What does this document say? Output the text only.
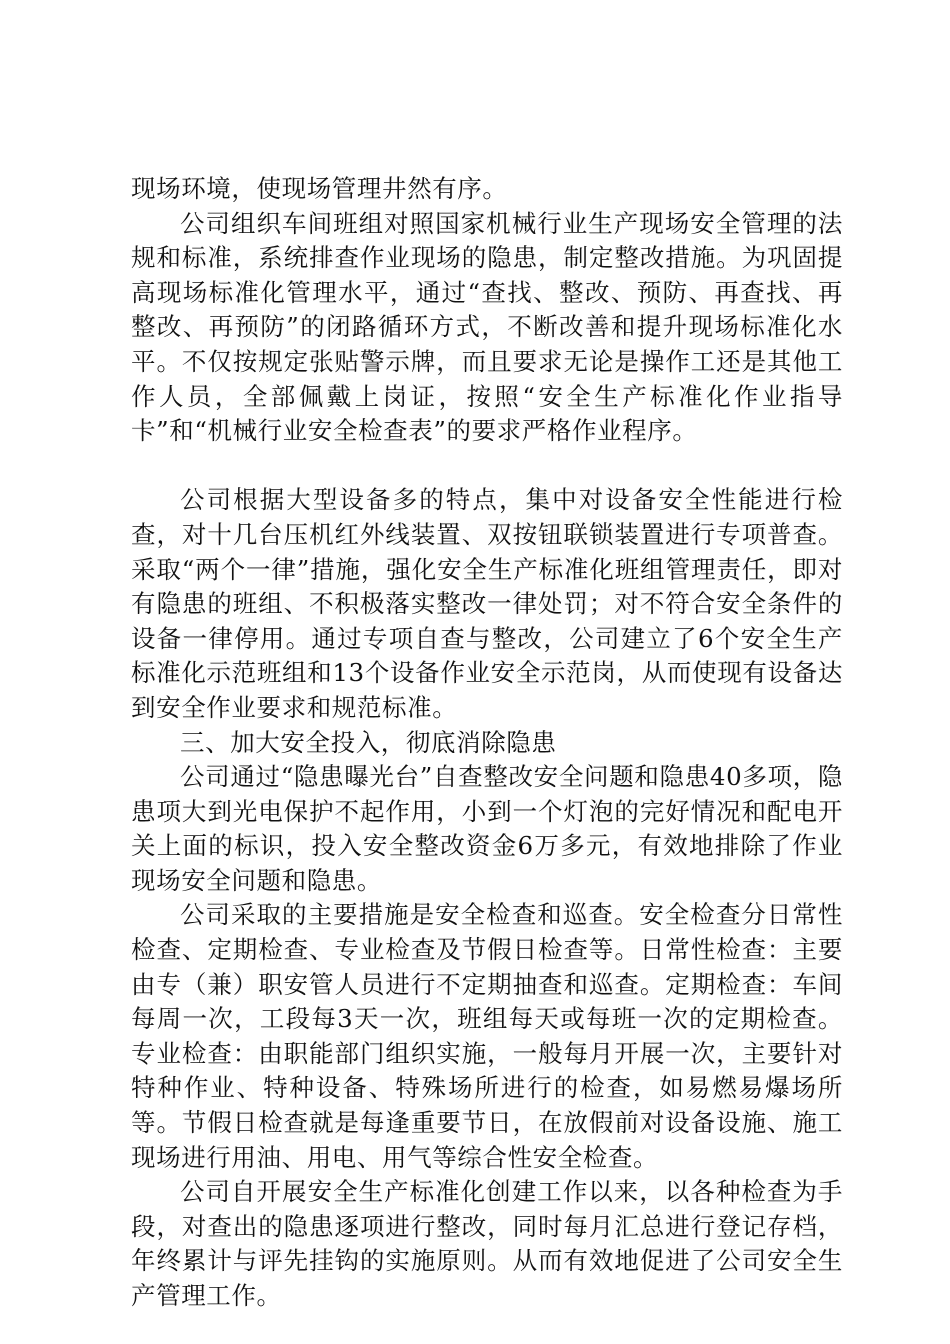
现场环境，使现场管理井然有序。

公司组织车间班组对照国家机械行业生产现场安全管理的法规和标准，系统排查作业现场的隐患，制定整改措施。为巩固提高现场标准化管理水平，通过“查找、整改、预防、再查找、再整改、再预防”的闭路循环方式，不断改善和提升现场标准化水平。不仅按规定张贴警示牌，而且要求无论是操作工还是其他工作人员，全部佩戴上岗证，按照“安全生产标准化作业指导卡”和“机械行业安全检查表”的要求严格作业程序。

公司根据大型设备多的特点，集中对设备安全性能进行检查，对十几台压机红外线装置、双按钮联锁装置进行专项普查。采取“两个一律”措施，强化安全生产标准化班组管理责任，即对有隐患的班组、不积极落实整改一律处罚；对不符合安全条件的设备一律停用。通过专项自查与整改，公司建立了6个安全生产标准化示范班组和13个设备作业安全示范岗，从而使现有设备达到安全作业要求和规范标准。

三、加大安全投入，彻底消除隐患

公司通过“隐患曝光台”自查整改安全问题和隐患40多项，隐患项大到光电保护不起作用，小到一个灯泡的完好情况和配电开关上面的标识，投入安全整改资金6万多元，有效地排除了作业现场安全问题和隐患。

公司采取的主要措施是安全检查和巡查。安全检查分日常性检查、定期检查、专业检查及节假日检查等。日常性检查：主要由专（兼）职安管人员进行不定期抽查和巡查。定期检查：车间每周一次，工段每3天一次，班组每天或每班一次的定期检查。专业检查：由职能部门组织实施，一般每月开展一次，主要针对特种作业、特种设备、特殊场所进行的检查，如易燃易爆场所等。节假日检查就是每逢重要节日，在放假前对设备设施、施工现场进行用油、用电、用气等综合性安全检查。

公司自开展安全生产标准化创建工作以来，以各种检查为手段，对查出的隐患逐项进行整改，同时每月汇总进行登记存档，年终累计与评先挂钩的实施原则。从而有效地促进了公司安全生产管理工作。
